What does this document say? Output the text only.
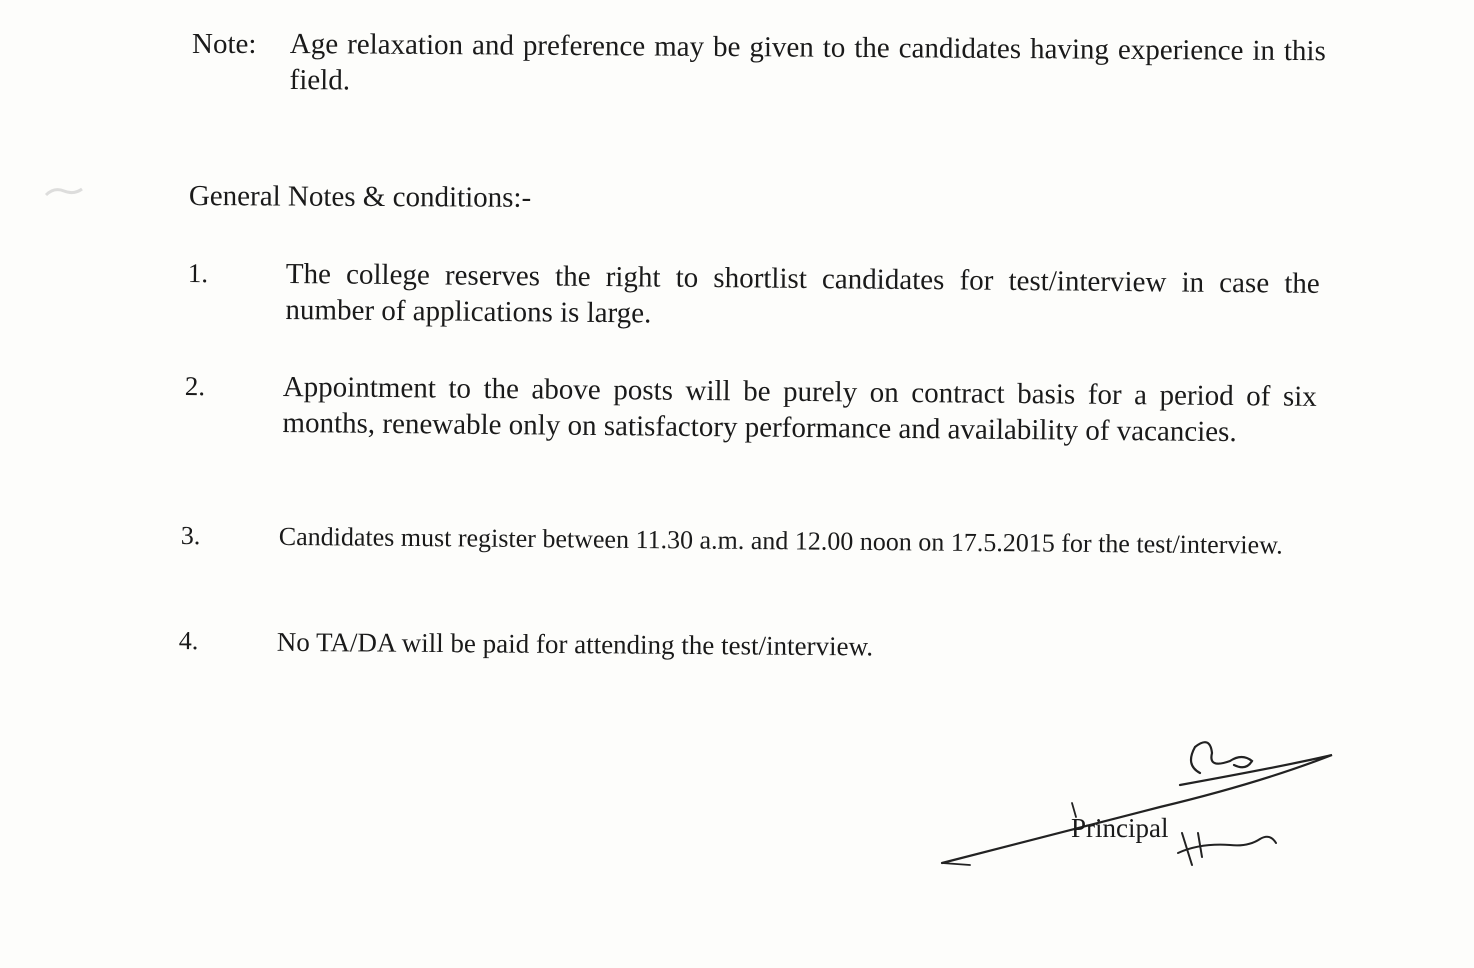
Note:	Age relaxation and preference may be given to the candidates having experience in this field.
General Notes & conditions:-
1.	The college reserves the right to shortlist candidates for test/interview in case the number of applications is large.
2.	Appointment to the above posts will be purely on contract basis for a period of six months, renewable only on satisfactory performance and availability of vacancies.
3.	Candidates must register between 11.30 a.m. and 12.00 noon on 17.5.2015 for the test/interview.
4.	No TA/DA will be paid for attending the test/interview.
Principal
